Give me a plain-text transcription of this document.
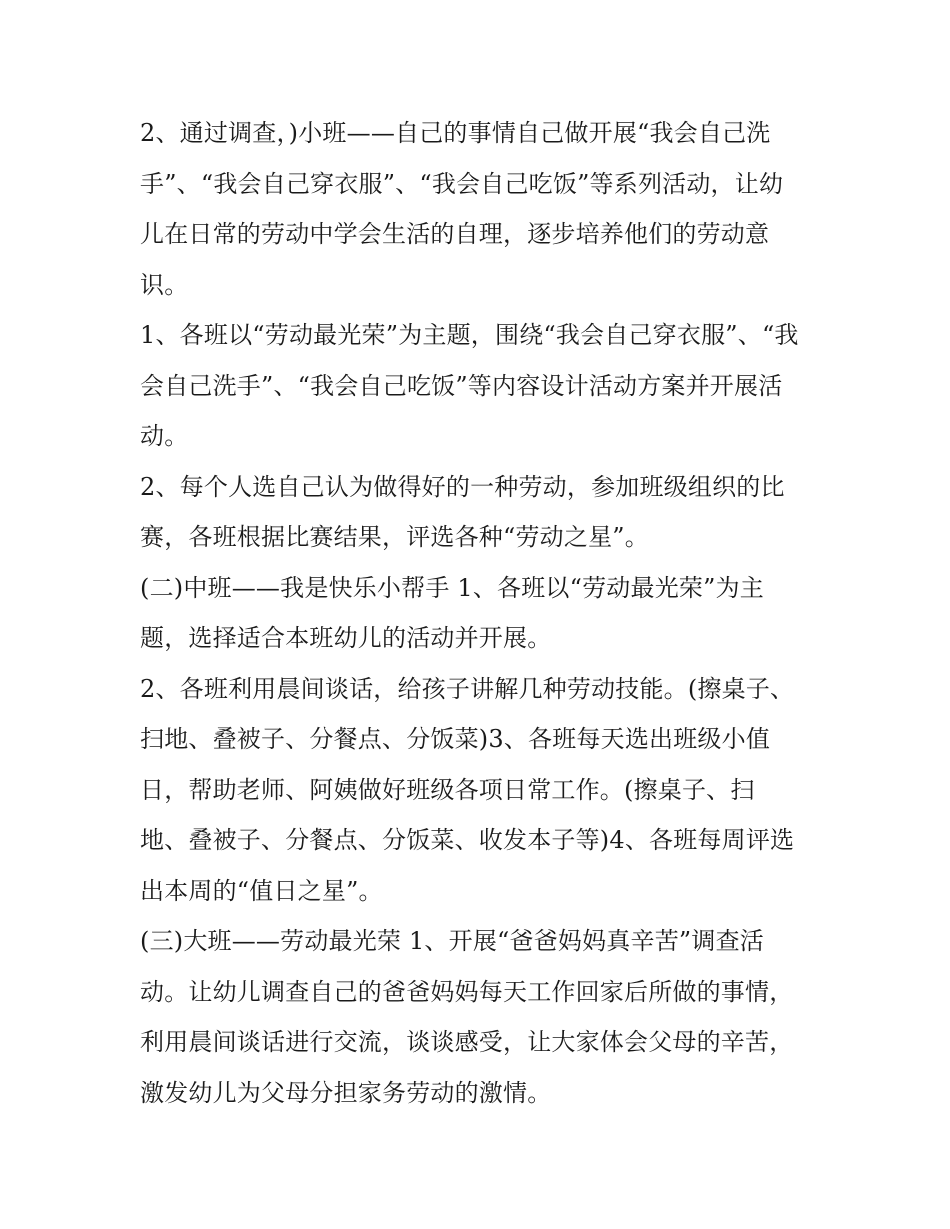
2、通过调查，)小班——自己的事情自己做开展“我会自己洗
手”、“我会自己穿衣服”、“我会自己吃饭”等系列活动，让幼
儿在日常的劳动中学会生活的自理，逐步培养他们的劳动意
识。
1、各班以“劳动最光荣”为主题，围绕“我会自己穿衣服”、“我
会自己洗手”、“我会自己吃饭”等内容设计活动方案并开展活
动。
2、每个人选自己认为做得好的一种劳动，参加班级组织的比
赛，各班根据比赛结果，评选各种“劳动之星”。
(二)中班——我是快乐小帮手 1、各班以“劳动最光荣”为主
题，选择适合本班幼儿的活动并开展。
2、各班利用晨间谈话，给孩子讲解几种劳动技能。(擦桌子、
扫地、叠被子、分餐点、分饭菜)3、各班每天选出班级小值
日，帮助老师、阿姨做好班级各项日常工作。(擦桌子、扫
地、叠被子、分餐点、分饭菜、收发本子等)4、各班每周评选
出本周的“值日之星”。
(三)大班——劳动最光荣 1、开展“爸爸妈妈真辛苦”调查活
动。让幼儿调查自己的爸爸妈妈每天工作回家后所做的事情，
利用晨间谈话进行交流，谈谈感受，让大家体会父母的辛苦，
激发幼儿为父母分担家务劳动的激情。
